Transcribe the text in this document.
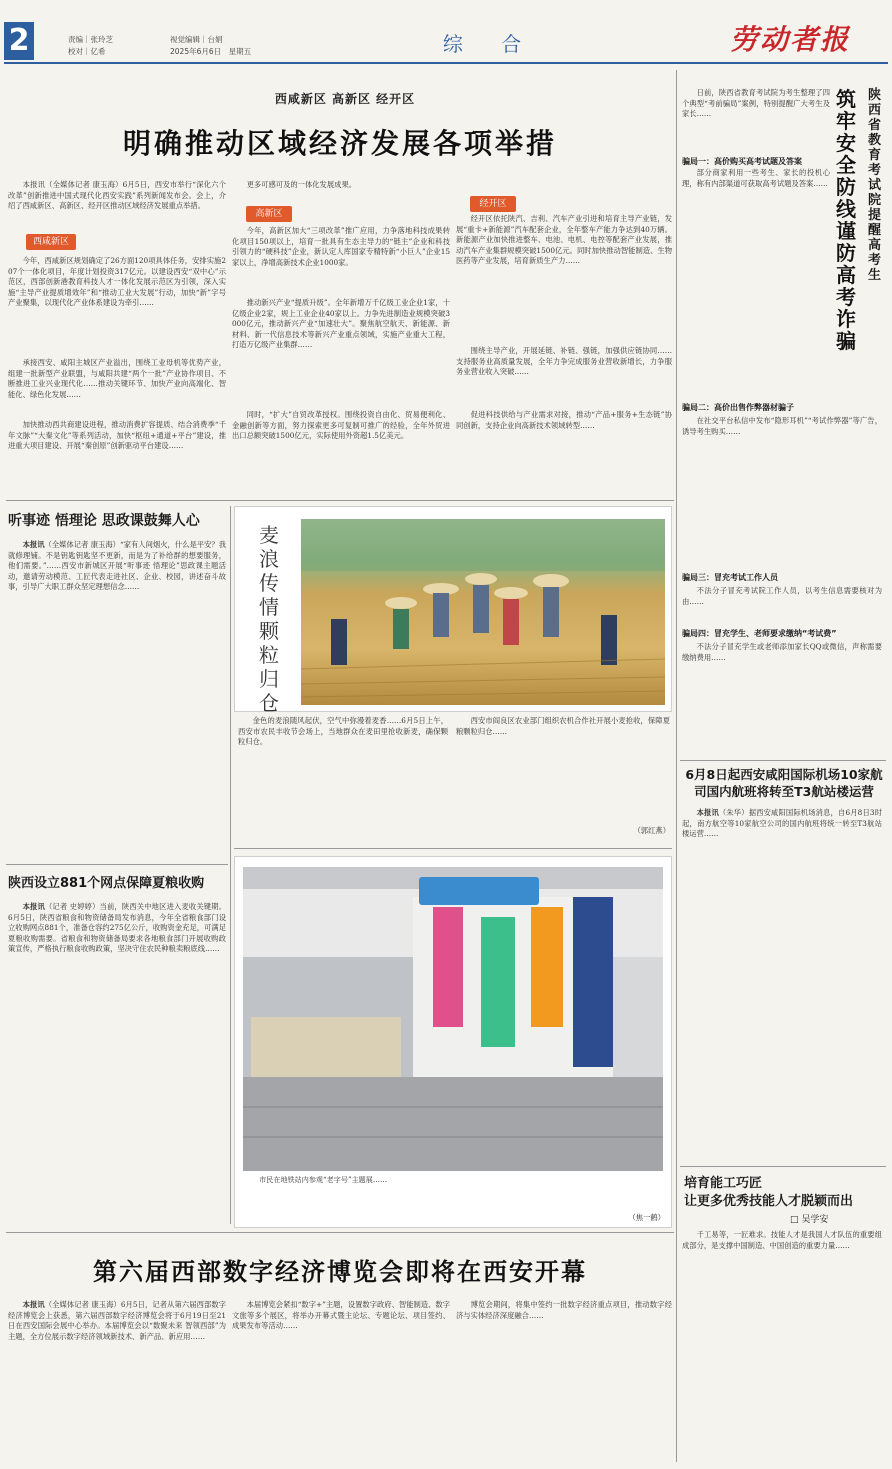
2	责编｜张玲芝
校对｜亿希
视觉编辑｜台娟
2025年6月6日　星期五	综 合	劳动者报
西咸新区 高新区 经开区
明确推动区域经济发展各项举措

本报讯（全媒体记者 康玉海）6月5日，西安市举行“深化六个改革”创新推进中国式现代化西安实践”系列新闻发布会。会上，介绍了西咸新区、高新区、经开区推动区域经济发展重点举措。

西咸新区

今年，西咸新区规划确定了26方面120项具体任务，安排实施207个一体化项目，年度计划投资317亿元。以建设西安“双中心”示范区，西部创新港教育科技人才一体化发展示范区为引领，深入实施“主导产业提质增效年”和“推动工业大发展”行动，加快“新”字号产业聚集，以现代化产业体系建设为牵引……

承接西安、咸阳主城区产业溢出，围绕工业母机等优势产业，组建一批新型产业联盟，与咸阳共建“两个一批”产业协作项目、不断推进工业兴业现代化……推动关键环节、加快产业向高端化、智能化、绿色化发展……

加快推动西共商建设进程，推动消费扩容提质、结合消费季“千年文脉”“大秦文化”等系列活动，加快“枢纽+通道+平台”建设，推进重大项目建设、开展“秦创原”创新驱动平台建设……

更多可感可及的一体化发展成果。

高新区

今年，高新区加大“三项改革”推广应用，力争落地科技成果转化项目150项以上，培育一批具有生态主导力的“链主”企业和科技引领力的“硬科技”企业，新认定人库国家专精特新“小巨人”企业15家以上，净增高新技术企业1000家。

推动新兴产业“提质升级”。全年新增万千亿级工业企业1家，十亿级企业2家，规上工业企业40家以上。力争先进制造业规模突破3000亿元，推动新兴产业“加速壮大”。聚焦航空航天、新能源、新材料、新一代信息技术等新兴产业重点领域，实施产业重大工程，打造万亿级产业集群……

同时，“扩大”自贸改革授权。围绕投资自由化、贸易便利化、金融创新等方面，努力探索更多可复制可推广的经验，全年外贸进出口总额突破1500亿元，实际使用外资超1.5亿美元。

经开区

经开区依托陕汽、吉利、汽车产业引进和培育主导产业链，发展“重卡+新能源”汽车配套企业，全年整车产能力争达到40万辆。新能源产业加快推进整车、电池、电机、电控等配套产业发展，推动汽车产业集群规模突破1500亿元。同时加快推动智能制造、生物医药等产业发展，培育新质生产力……

围绕主导产业，开展延链、补链、强链，加强供应链协同……支持服务业高质量发展，全年力争完成服务业营收新增长，力争服务业营业收入突破……

促进科技供给与产业需求对接，推动“产品+服务+生态链”协同创新，支持企业向高新技术领域转型……

听事迹 悟理论 思政课鼓舞人心

本报讯（全媒体记者 康玉海）“家有人间烟火，什么是平安？我就修理铺。不是钥匙钥匙坚不更新，而是为了补给群的想要服务，他们需要。”……西安市新城区开展“听事迹 悟理论”思政课主题活动，邀请劳动模范、工匠代表走进社区、企业、校园，讲述奋斗故事，引导广大职工群众坚定理想信念……

陕西设立881个网点保障夏粮收购

本报讯（记者 史婷婷）当前，陕西关中地区进入麦收关键期。6月5日，陕西省粮食和物资储备局发布消息，今年全省粮食部门设立收购网点881个，准备仓容约275亿公斤，收购资金充足，可满足夏粮收购需要。省粮食和物资储备局要求各地粮食部门开展收购政策宣传，严格执行粮食收购政策，坚决守住农民种粮卖粮底线……

麦浪传情 颗粒归仓

金色的麦浪随风起伏，空气中弥漫着麦香……6月5日上午，西安市农民丰收节会场上，当地群众在麦田里抢收新麦，确保颗粒归仓。

西安市阎良区农业部门组织农机合作社开展小麦抢收，保障夏粮颗粒归仓……

（郭红燕）

市民在地铁站内参观“老字号”主题展……

（焦一鹤）
陕西省教育考试院提醒高考生
筑牢安全防线 谨防高考诈骗

日前，陕西省教育考试院为考生整理了四个典型“考前骗局”案例，特别提醒广大考生及家长……

骗局一：高价购买高考试题及答案

部分商家利用一些考生、家长的投机心理，称有内部渠道可获取高考试题及答案……

骗局二：高价出售作弊器材骗子

在社交平台私信中发布“隐形耳机”“考试作弊器”等广告，诱导考生购买……

骗局三：冒充考试工作人员

不法分子冒充考试院工作人员，以考生信息需要核对为由……

骗局四：冒充学生、老师要求缴纳“考试费”

不法分子冒充学生或老师添加家长QQ或微信，声称需要缴纳费用……

6月8日起西安咸阳国际机场10家航司国内航班将转至T3航站楼运营

本报讯（朱华）据西安咸阳国际机场消息，自6月8日3时起，南方航空等10家航空公司的国内航班将统一转至T3航站楼运营……

培育能工巧匠
让更多优秀技能人才脱颖而出
□ 吴学安

千工易等，一匠难求。技能人才是我国人才队伍的重要组成部分，是支撑中国制造、中国创造的重要力量……

第六届西部数字经济博览会即将在西安开幕

本报讯（全媒体记者 康玉海）6月5日，记者从第六届西部数字经济博览会上获悉，第六届西部数字经济博览会将于6月19日至21日在西安国际会展中心举办。本届博览会以“数聚未来 智领西部”为主题，全方位展示数字经济领域新技术、新产品、新应用……

本届博览会紧扣“数字+”主题，设置数字政府、智能制造、数字文旅等多个展区，将举办开幕式暨主论坛、专题论坛、项目签约、成果发布等活动……

博览会期间，将集中签约一批数字经济重点项目，推动数字经济与实体经济深度融合……
